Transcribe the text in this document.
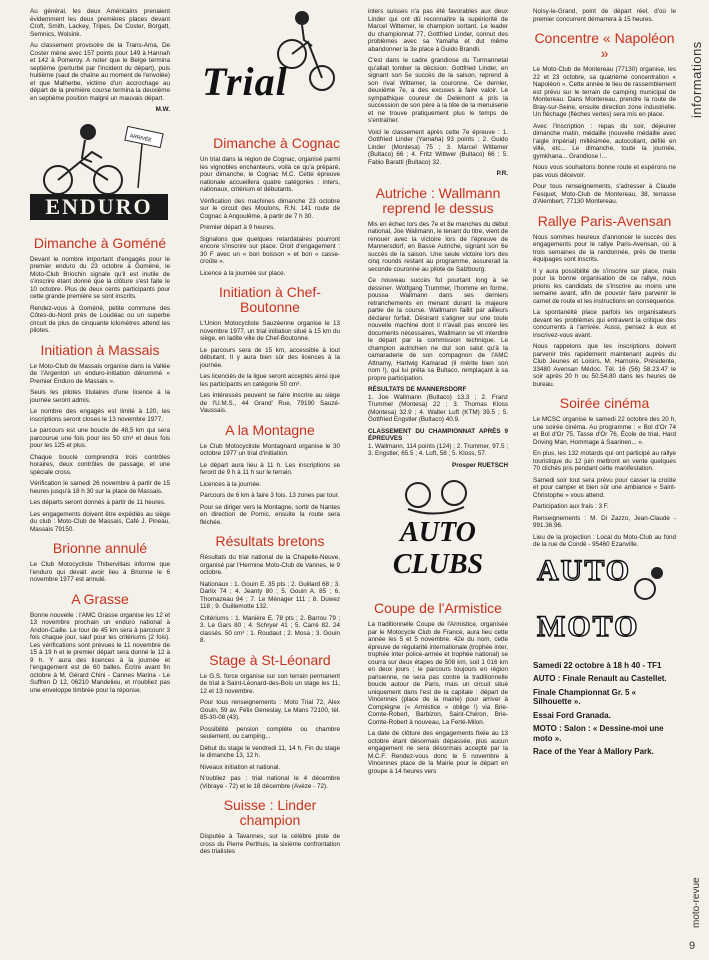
Au général, les deux Américains prenaient évidemment les deux premières places devant Croft, Smith, Lackey, Tripes, De Coster, Borgatt, Semnics, Wolsink.

Au classement provisoire de la Trans-Ama, De Coster mène avec 157 points pour 149 à Hannah et 142 à Pomeroy. A noter que le Belge termina septième (perturbé par l'incident du départ), puis huitième (saut de chaîne au moment de l'envolée) et que Malherbe, victime d'un accrochage au départ de la première course termina la deuxième en septième position malgré un mauvais départ.

M.W.

ARRIVÉE
ENDURO
Dimanche à Goméné

Devant le nombre important d'engagés pour le premier enduro du 23 octobre à Goméné, le Moto-Club Briochin signale qu'il est inutile de s'inscrire étant donné que la clôture s'est faite le 10 octobre. Plus de deux cents participants pour cette grande première se sont inscrits.

Rendez-vous à Goméné, petite commune des Côtes-du-Nord près de Loudéac ou un superbe circuit de plus de cinquante kilomètres attend les pilotes.

Initiation à Massais

Le Moto-Club de Massais organise dans la Vallée de l'Argenton un enduro-initiation dénommé « Premier Enduro de Massais ».

Seuls les pilotes titulaires d'une licence à la journée seront admis.

Le nombre des engagés est limité à 120, les inscriptions seront closes le 13 novembre 1977.

Le parcours est une boucle de 48,5 km qui sera parcourue une fois pour les 50 cm³ et deux fois pour les 125 et plus.

Chaque boucle comprendra trois contrôles horaires, deux contrôles de passage, et une spéciale cross.

Vérification le samedi 26 novembre à partir de 15 heures jusqu'à 18 h 30 sur la place de Massais.

Les départs seront donnés à partir de 11 heures.

Les engagements doivent être expédiés au siège du club : Moto-Club de Massais, Café J. Pineau, Massais 79150.

Brionne annulé

Le Club Motocycliste Thibervillais informe que l'enduro qui devait avoir lieu à Brionne le 6 novembre 1977 est annulé.

A Grasse

Bonne nouvelle : l'AMC Grasse organise les 12 et 13 novembre prochain un enduro national à Andon-Caille. Le tour de 45 km sera à parcourir 3 fois chaque jour, sauf pour les critériums (2 fois). Les vérifications sont prévues le 11 novembre de 15 à 19 h et le premier départ sera donné le 12 à 9 h. Y aura des licences à la journée et l'engagement est de 60 balles. Écrire avant fin octobre à M. Gérard Chini - Cannes Marina - Le Suffren D 12, 06210 Mandelieu, et n'oubliez pas une enveloppe timbrée pour la réponse.

Trial
Dimanche à Cognac

Un trial dans la région de Cognac, organisé parmi les vignobles enchanteurs, voilà ce qu'a préparé, pour dimanche, le Cognac M.C. Cette épreuve nationale accueillera quatre catégories : inters, nationaux, critérium et débutants.

Vérification des machines dimanche 23 octobre sur le circuit des Moulons, R.N. 141 route de Cognac à Angoulême, à partir de 7 h 30.

Premier départ à 9 heures.

Signalons que quelques retardataires pourront encore s'inscrire sur place. Droit d'engagement : 30 F avec un « bon boisson » et bon « casse-croûte ».

Licence à la journée sur place.

Initiation à Chef-Boutonne

L'Union Motocycliste Sauzéenne organise le 13 novembre 1977, un trial initiation situé à 15 km du siège, en ladite ville de Chef-Boutonne.

Le parcours sera de 15 km, accessible à tout débutant. Il y aura bien sûr des licences à la journée.

Les licenciés de la ligue seront acceptés ainsi que les participants en catégorie 50 cm³.

Les intéressés peuvent se faire inscrire au siège de l'U.M.S., 44 Grand' Rue, 79190 Sauzé-Vaussais.

A la Montagne

Le Club Motocycliste Montagnard organise le 30 octobre 1977 un trial d'initiation.

Le départ aura lieu à 11 h. Les inscriptions se feront de 9 h à 11 h sur le terrain.

Licences à la journée.

Parcours de 6 km à faire 3 fois. 13 zones par tour.

Pour se diriger vers la Montagne, sortir de Nantes en direction de Pornic, ensuite la route sera fléchée.

Résultats bretons

Résultats du trial national de la Chapelle-Neuve, organisé par l'Hermine Moto-Club de Vannes, le 9 octobre.

Nationaux : 1. Gouin E. 35 pts ; 2. Guillard 68 ; 3. Darlix 74 ; 4. Jeanty 80 ; 5. Gouin A. 85 ; 6. Thomazeau 94 ; 7. Le Ménager 111 ; 8. Duwez 118 ; 9. Guillemotte 132.

Critériums : 1. Manière E. 78 pts ; 2. Barrou 79 ; 3. Le Gars 80 ; 4. Schryer 41 ; 5. Carré 82. 24 classés. 50 cm³ : 1. Roudaut ; 2. Mosa ; 3. Gouin 8.

Stage à St-Léonard

Le G.S. force organise sur son terrain permanent de trial à Saint-Léonard-des-Bois un stage les 11, 12 et 13 novembre.

Pour tous renseignements : Moto Trial 72, Alex Gouin, 59 av. Félix Geneslay, Le Mans 72100, tél. 85-30-08 (43).

Possibilité pension complète ou chambre seulement, ou camping...

Début du stage le vendredi 11, 14 h. Fin du stage le dimanche 13, 12 h.

Niveaux initiation et national.

N'oubliez pas : trial national le 4 décembre (Vibraye - 72) et le 18 décembre (Avèze - 72).

Suisse : Linder champion

Disputée à Tavannes, sur la célèbre piste de cross du Pierre Perthuis, la sixième confrontation des trialistes

inters suisses n'a pas été favorables aux deux Linder qui ont dû reconnaître la supériorité de Marcel Wittemer, le champion sortant. Le leader du championnat 77, Gottfried Linder, connut des problèmes avec sa Yamaha et dut même abandonner la 3e place à Guido Brandli.

C'est dans le cadre grandiose du Turmannetal qu'allait tomber la décision. Gottfried Linder, en signant son 5e succès de la saison, reprend à son rival Wittemer, la couronne. Ce dernier, deuxième 7e, a des excuses à faire valoir. Le sympathique coureur de Delémont a pris la succession de son père à la tête de la menuiserie et ne trouve pratiquement plus le temps de s'entraîner.

Voici le classement après cette 7e épreuve : 1. Gottfried Linder (Yamaha) 93 points ; 2. Guido Linder (Montesa) 75 ; 3. Marcel Wittemer (Bultaco) 66 ; 4. Fritz Wittwer (Bultaco) 66 ; 5. Fabio Baratti (Bultaco) 32.

P.R.

Autriche : Wallmann reprend le dessus

Mis en échec lors des 7e et 8e manches du début national, Joe Wallmann, le tenant du titre, vient de renouer avec la victoire lors de l'épreuve de Mannersdorf, en Basse Autriche, signant son 6e succès de la saison. Une seule victoire lors des cinq rounds restant au programme, assurerait la seconde couronne au pilote de Salzbourg.

Ce nouveau succès fut pourtant long à se dessiner. Wolfgang Trummer, l'homme en forme, poussa Wallmann dans ses derniers retranchements en menant durant la majeure partie de la course. Wallmann faillit par ailleurs déclarer forfait. Désirant s'aligner sur une toute nouvelle machine dont il n'avait pas encore les documents nécessaires, Wallmann se vit interdire le départ par la commission technique. Le champion autrichien ne dut son salut qu'à la camaraderie de son compagnon de l'AMC Attnamy, Hartwig Kamarad (il mérite bien son nom !), qui lui prêta sa Bultaco, remplaçant à sa propre participation.

RÉSULTATS DE MANNERSDORF

1. Joe Wallmann (Bultaco) 13.3 ; 2. Franz Trummer (Montesa) 22 ; 3. Thomas Kloss (Montesa) 32.9 ; 4. Walter Luft (KTM) 39.5 ; 5. Gottfried Engstler (Bultaco) 40.9.

CLASSEMENT DU CHAMPIONNAT APRÈS 9 ÉPREUVES

1. Wallmann, 114 points (124) ; 2. Trummer, 97.5 ; 3. Engstler, 65.5 ; 4. Luft, 58 ; 5. Kloss, 57.

Prosper RUETSCH

AUTO CLUBS
Coupe de l'Armistice

La traditionnelle Coupe de l'Armistice, organisée par le Motocycle Club de France, aura lieu cette année les 5 et 5 novembre. 42e du nom, cette épreuve de régularité internationale (trophée inter, trophée inter police-armée et trophée national) se courra sur deux étapes de 508 km, soit 1 016 km en deux jours ; le parcours toujours en région parisienne, ne sera pas contre la traditionnelle boucle autour de Paris, mais un circuit situé uniquement dans l'est de la capitale : départ de Vincennes (place de la mairie) pour arriver à Compiègne (« Armistice » oblige !) via Brie-Comte-Robert, Barbizon, Saint-Chéron, Brie-Comte-Robert à nouveau, La Ferté-Milon.

La date de clôture des engagements fixée au 13 octobre étant désormais dépassée, plus aucun engagement ne sera désormais accepté par la M.C.F. Rendez-vous donc le 5 novembre à Vincennes place de la Mairie pour le départ en groupe à 14 heures vers

Noisy-le-Grand, point de départ réel, d'où le premier concurrent démarrera à 15 heures.

Concentre « Napoléon »

Le Moto-Club de Montereau (77130) organise, les 22 et 23 octobre, sa quatrième concentration « Napoléon ». Cette année le lieu de rassemblement est prévu sur le terrain de camping municipal de Montereau. Dans Montereau, prendre la route de Bray-sur-Seine, ensuite direction zone industrielle. Un fléchage (flèches vertes) sera mis en place.

Avec l'inscription : repas du soir, déjeuner dimanche matin, médaille (nouvelle médaille avec l'aigle impérial) millésimée, autocollant, défilé en ville, etc... Le dimanche, toute la journée, gymkhana... Grandiose !...

Nous vous souhaitons bonne route et espérons ne pas vous décevoir.

Pour tous renseignements, s'adresser à Claude Fesquet, Moto-Club de Montereau, 38, terrasse d'Alembert, 77130 Montereau.

Rallye Paris-Avensan

Nous sommes heureux d'annoncer le succès des engagements pour le rallye Paris-Avensan, où à trois semaines de la randonnée, près de trente équipages sont inscrits.

Il y aura possibilité de s'inscrire sur place, mais pour la bonne organisation de ce rallye, nous prions les candidats de s'inscrire au moins une semaine avant, afin de pouvoir faire parvenir le carnet de route et les instructions en conséquence.

La spontanéité place parfois les organisateurs devant les problèmes qui entravent la critique des concurrents à l'arrivée. Aussi, pensez à eux et inscrivez-vous avant.

Nous rappelons que les inscriptions doivent parvenir très rapidement maintenant auprès du Club Jeunes et Loisirs, M. Harnoire, Présidente, 33480 Avensan Médoc. Tél. 16 (56) 58.23.47 le soir après 20 h ou 50.54.80 dans les heures de bureau.

Soirée cinéma

Le MCSC organise le samedi 22 octobre des 20 h, une soirée cinéma. Au programme : « Bol d'Or 74 et Bol d'Or 75, Tasse d'Or 76, École de trial, Hard Driving Man, Hommage à Saarinen... ».

En plus, les 132 motards qui ont participé au rallye touristique du 12 juin mettront en vente quelques 70 clichés pris pendant cette manifestation.

Samedi soir tout sera prévu pour casser la croûte et pour camper et bien sûr une ambiance « Saint-Christophe » vous attend.

Participation aux frais : 3 F.

Renseignements : M. Di Zazzo, Jean-Claude - 991.36.96.

Lieu de la projection : Local du Moto-Club au fond de la rue de Condé - 95460 Ezanville.

AUTO
MOTO

Samedi 22 octobre à 18 h 40 - TF1

AUTO : Finale Renault au Castellet.

Finale Championnat Gr. 5 « Silhouette ».

Essai Ford Granada.

MOTO : Salon : « Dessine-moi une moto ».

Race of the Year à Mallory Park.

informations
moto-revue
9
